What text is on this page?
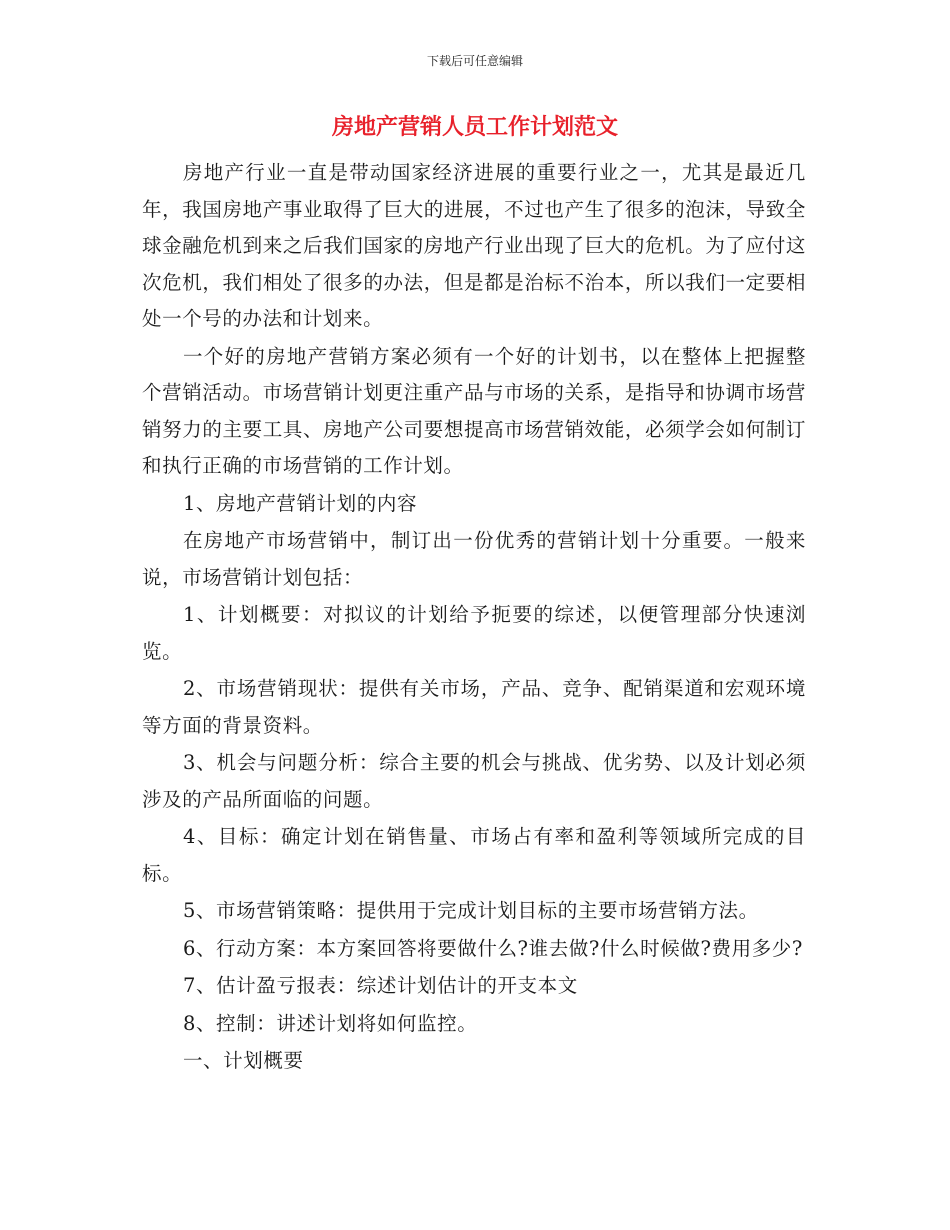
下载后可任意编辑
房地产营销人员工作计划范文

房地产行业一直是带动国家经济进展的重要行业之一，尤其是最近几年，我国房地产事业取得了巨大的进展，不过也产生了很多的泡沫，导致全球金融危机到来之后我们国家的房地产行业出现了巨大的危机。为了应付这次危机，我们相处了很多的办法，但是都是治标不治本，所以我们一定要相处一个号的办法和计划来。

一个好的房地产营销方案必须有一个好的计划书，以在整体上把握整个营销活动。市场营销计划更注重产品与市场的关系，是指导和协调市场营销努力的主要工具、房地产公司要想提高市场营销效能，必须学会如何制订和执行正确的市场营销的工作计划。

1、房地产营销计划的内容

在房地产市场营销中，制订出一份优秀的营销计划十分重要。一般来说，市场营销计划包括：

1、计划概要：对拟议的计划给予扼要的综述，以便管理部分快速浏览。

2、市场营销现状：提供有关市场，产品、竞争、配销渠道和宏观环境等方面的背景资料。

3、机会与问题分析：综合主要的机会与挑战、优劣势、以及计划必须涉及的产品所面临的问题。

4、目标：确定计划在销售量、市场占有率和盈利等领域所完成的目标。

5、市场营销策略：提供用于完成计划目标的主要市场营销方法。

6、行动方案：本方案回答将要做什么?谁去做?什么时候做?费用多少?

7、估计盈亏报表：综述计划估计的开支本文

8、控制：讲述计划将如何监控。

一、计划概要
